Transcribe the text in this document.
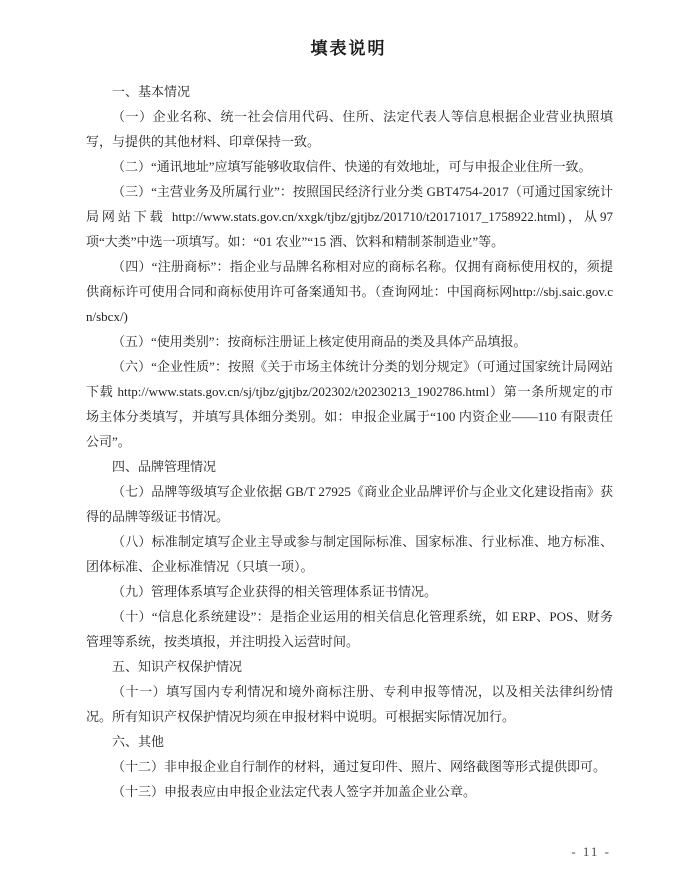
填表说明

一、基本情况

（一）企业名称、统一社会信用代码、住所、法定代表人等信息根据企业营业执照填写，与提供的其他材料、印章保持一致。

（二）“通讯地址”应填写能够收取信件、快递的有效地址，可与申报企业住所一致。

（三）“主营业务及所属行业”：按照国民经济行业分类 GBT4754-2017（可通过国家统计局网站下载 http://www.stats.gov.cn/xxgk/tjbz/gjtjbz/201710/t20171017_1758922.html)，从97 项“大类”中选一项填写。如：“01 农业”“15 酒、饮料和精制茶制造业”等。

（四）“注册商标”：指企业与品牌名称相对应的商标名称。仅拥有商标使用权的，须提供商标许可使用合同和商标使用许可备案通知书。（查询网址：中国商标网http://sbj.saic.gov.cn/sbcx/)

（五）“使用类别”：按商标注册证上核定使用商品的类及具体产品填报。

（六）“企业性质”：按照《关于市场主体统计分类的划分规定》（可通过国家统计局网站下载 http://www.stats.gov.cn/sj/tjbz/gjtjbz/202302/t20230213_1902786.html）第一条所规定的市场主体分类填写，并填写具体细分类别。如：申报企业属于“100 内资企业——110 有限责任公司”。

四、品牌管理情况

（七）品牌等级填写企业依据 GB/T 27925《商业企业品牌评价与企业文化建设指南》获得的品牌等级证书情况。

（八）标准制定填写企业主导或参与制定国际标准、国家标准、行业标准、地方标准、团体标准、企业标准情况（只填一项）。

（九）管理体系填写企业获得的相关管理体系证书情况。

（十）“信息化系统建设”：是指企业运用的相关信息化管理系统，如 ERP、POS、财务管理等系统，按类填报，并注明投入运营时间。

五、知识产权保护情况

（十一）填写国内专利情况和境外商标注册、专利申报等情况，以及相关法律纠纷情况。所有知识产权保护情况均须在申报材料中说明。可根据实际情况加行。

六、其他

（十二）非申报企业自行制作的材料，通过复印件、照片、网络截图等形式提供即可。

（十三）申报表应由申报企业法定代表人签字并加盖企业公章。

- 11 -
